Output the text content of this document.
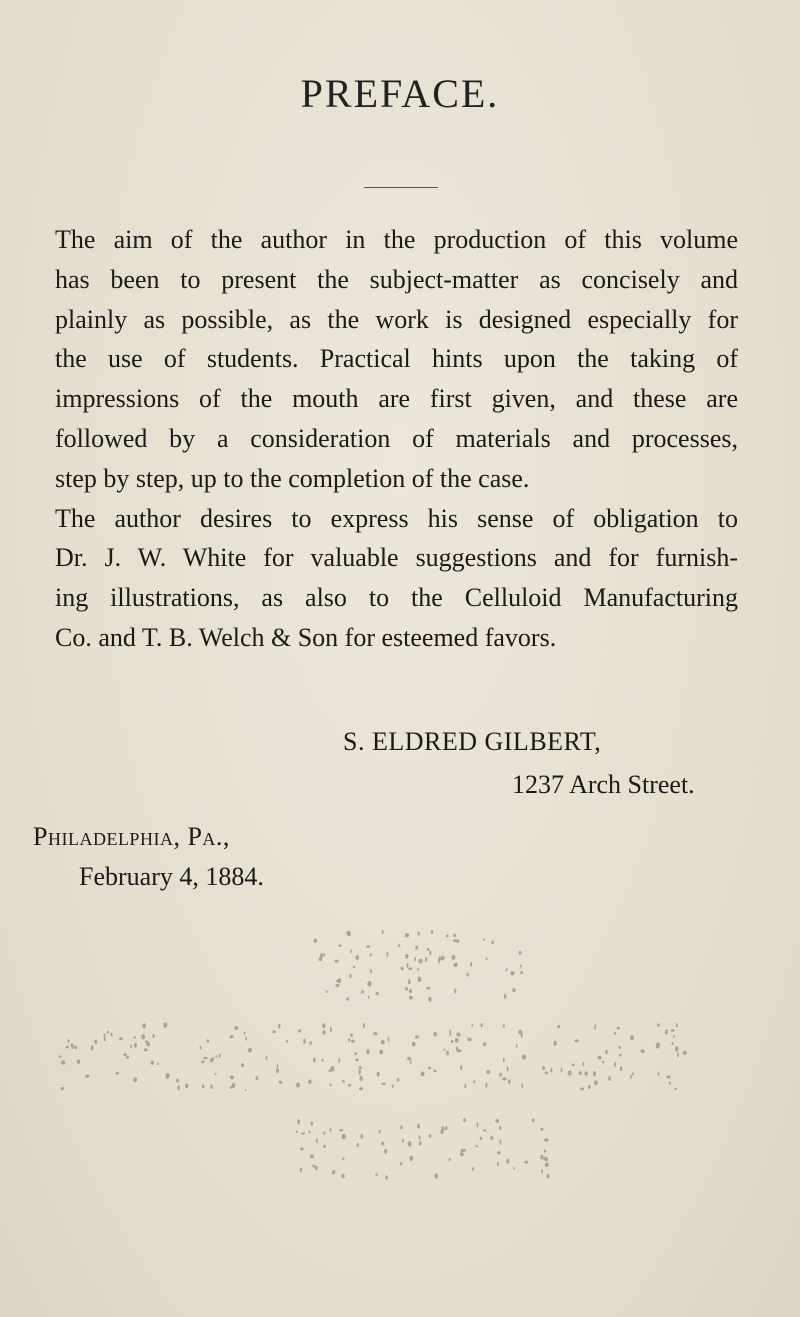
PREFACE.
The aim of the author in the production of this volume
has been to present the subject-matter as concisely and
plainly as possible, as the work is designed especially for
the use of students. Practical hints upon the taking of
impressions of the mouth are first given, and these are
followed by a consideration of materials and processes,
step by step, up to the completion of the case.
The author desires to express his sense of obligation to
Dr. J. W. White for valuable suggestions and for furnish-
ing illustrations, as also to the Celluloid Manufacturing
Co. and T. B. Welch & Son for esteemed favors.
S. ELDRED GILBERT,
1237 Arch Street.
Philadelphia, Pa.,
February 4, 1884.
